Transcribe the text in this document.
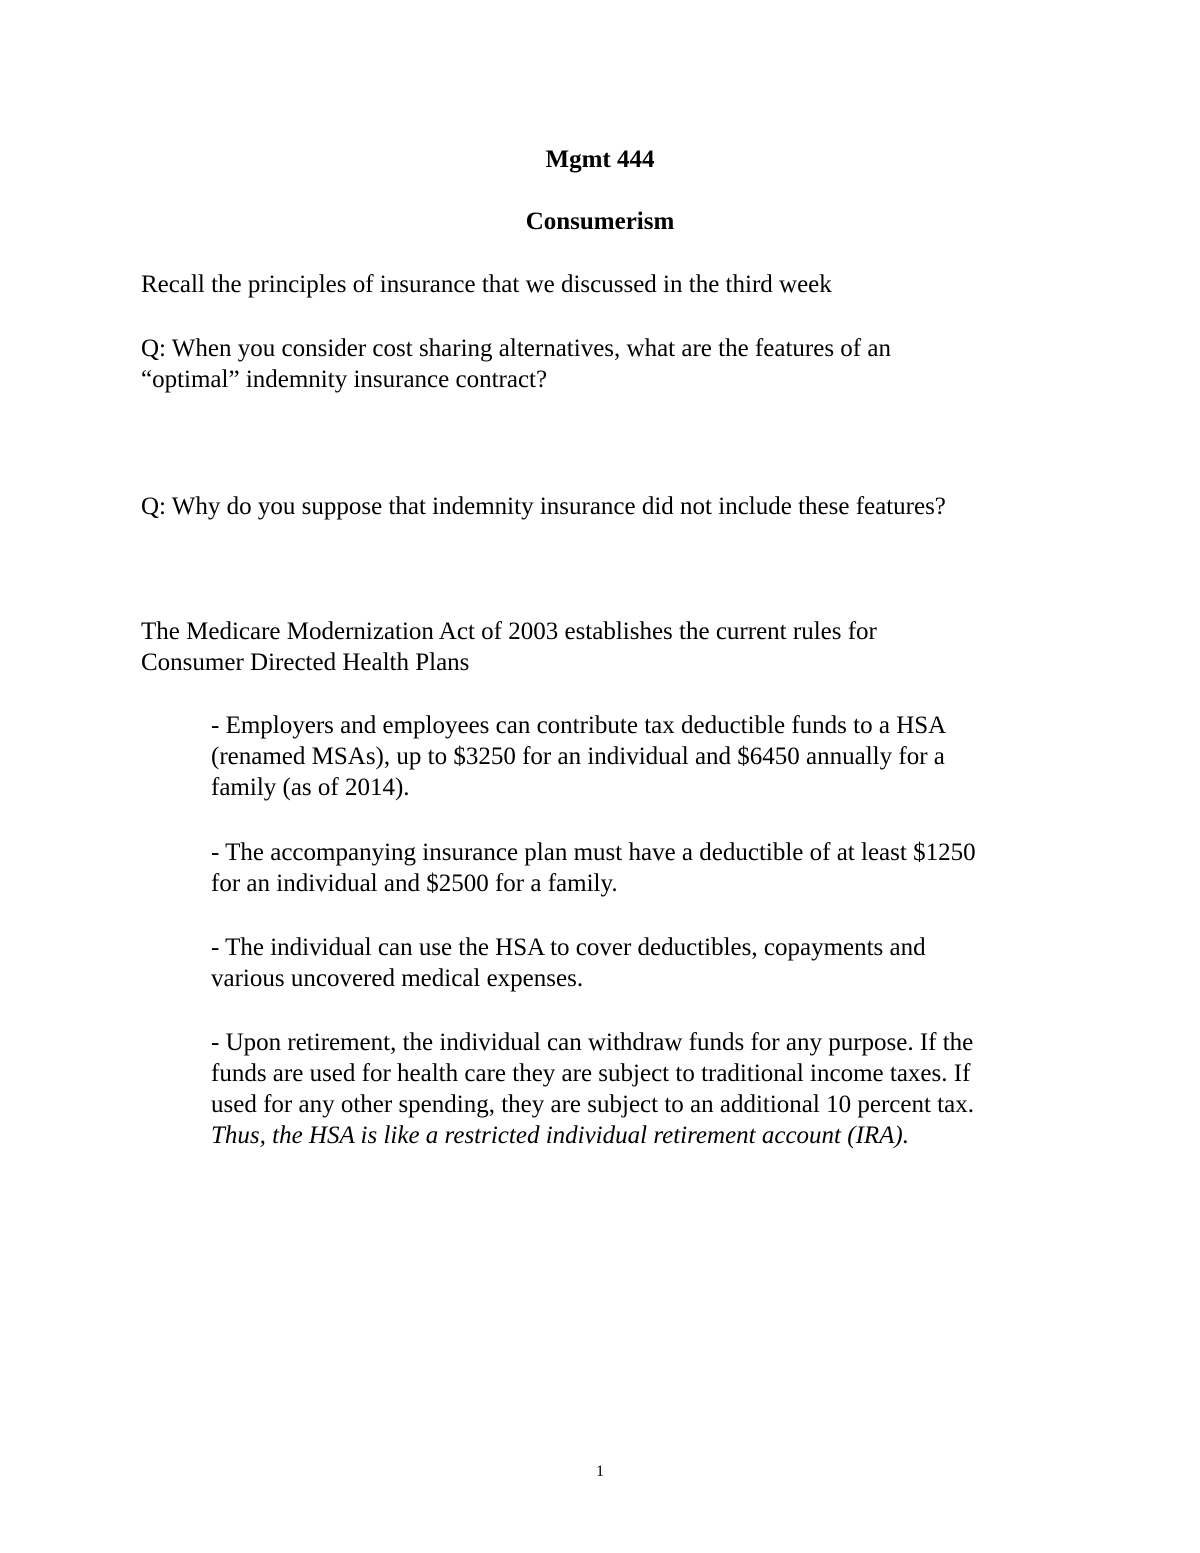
Mgmt 444
Consumerism
Recall the principles of insurance that we discussed in the third week
Q: When you consider cost sharing alternatives, what are the features of an
“optimal” indemnity insurance contract?
Q: Why do you suppose that indemnity insurance did not include these features?
The Medicare Modernization Act of 2003 establishes the current rules for
Consumer Directed Health Plans
- Employers and employees can contribute tax deductible funds to a HSA
(renamed MSAs), up to $3250 for an individual and $6450 annually for a
family (as of 2014).
- The accompanying insurance plan must have a deductible of at least $1250
for an individual and $2500 for a family.
- The individual can use the HSA to cover deductibles, copayments and
various uncovered medical expenses.
- Upon retirement, the individual can withdraw funds for any purpose. If the
funds are used for health care they are subject to traditional income taxes. If
used for any other spending, they are subject to an additional 10 percent tax.
Thus, the HSA is like a restricted individual retirement account (IRA).
1
